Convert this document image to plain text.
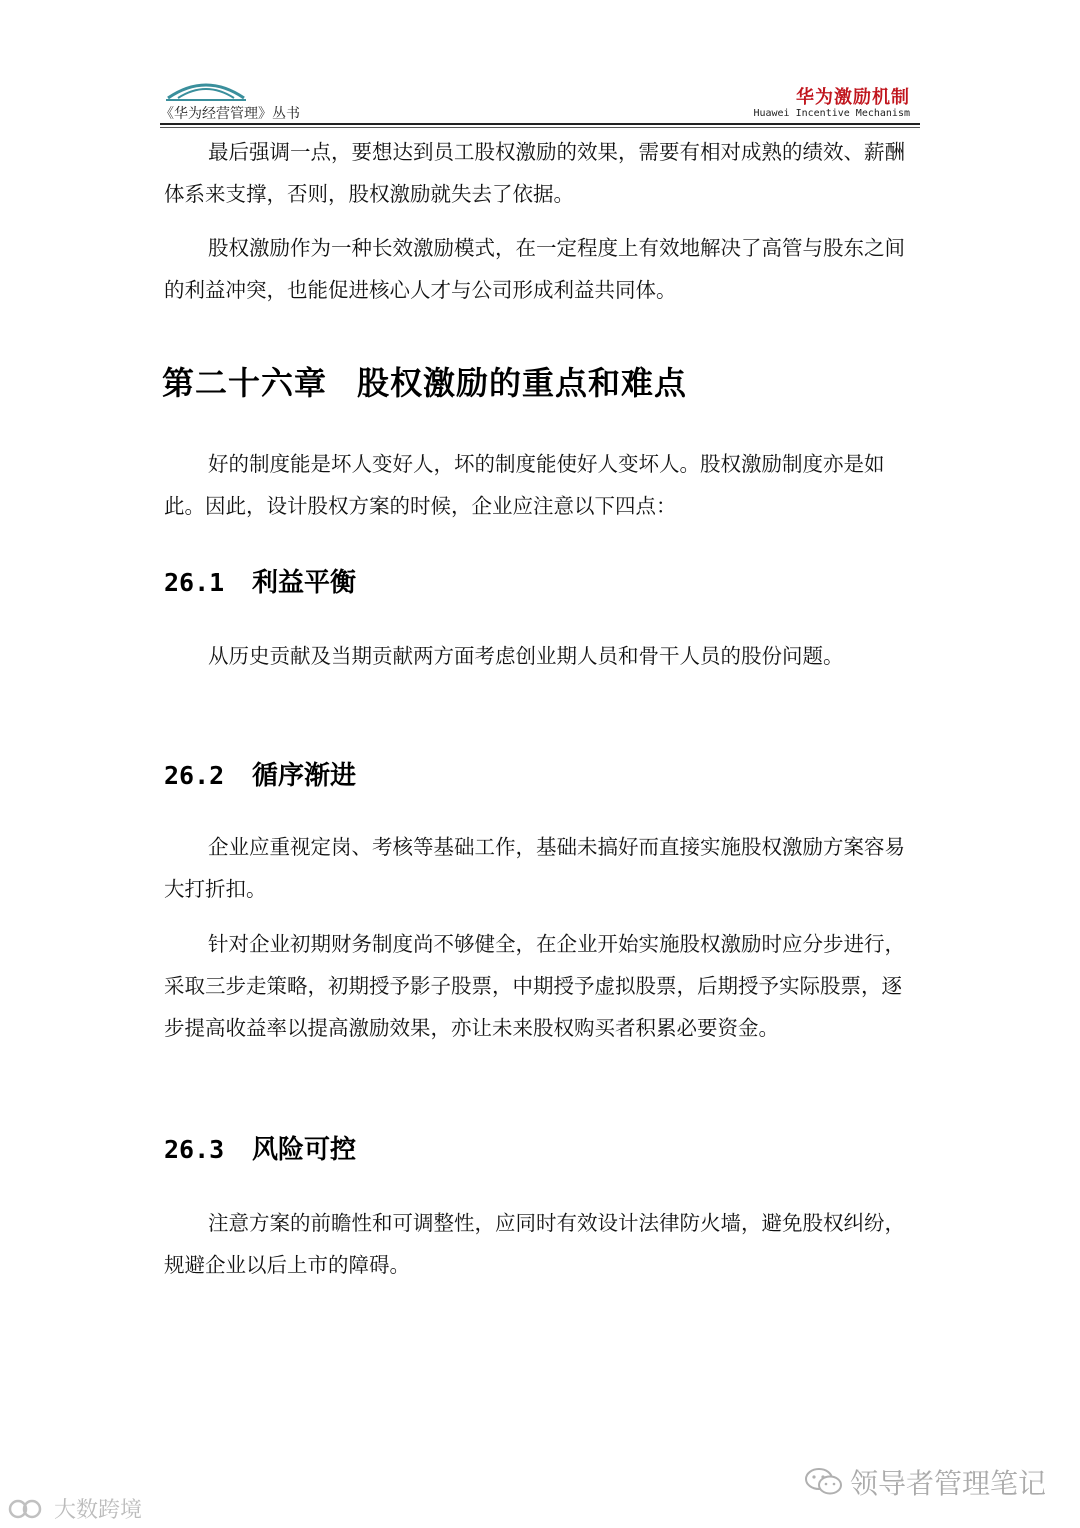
《华为经营管理》丛书
华为激励机制
Huawei Incentive Mechanism

最后强调一点，要想达到员工股权激励的效果，需要有相对成熟的绩效、薪酬体系来支撑，否则，股权激励就失去了依据。

股权激励作为一种长效激励模式，在一定程度上有效地解决了高管与股东之间的利益冲突，也能促进核心人才与公司形成利益共同体。

第二十六章 股权激励的重点和难点

好的制度能是坏人变好人，坏的制度能使好人变坏人。股权激励制度亦是如此。因此，设计股权方案的时候，企业应注意以下四点：

26.1 利益平衡

从历史贡献及当期贡献两方面考虑创业期人员和骨干人员的股份问题。

26.2 循序渐进

企业应重视定岗、考核等基础工作，基础未搞好而直接实施股权激励方案容易大打折扣。

针对企业初期财务制度尚不够健全，在企业开始实施股权激励时应分步进行，采取三步走策略，初期授予影子股票，中期授予虚拟股票，后期授予实际股票，逐步提高收益率以提高激励效果，亦让未来股权购买者积累必要资金。

26.3 风险可控

注意方案的前瞻性和可调整性，应同时有效设计法律防火墙，避免股权纠纷，规避企业以后上市的障碍。

领导者管理笔记
大数跨境
